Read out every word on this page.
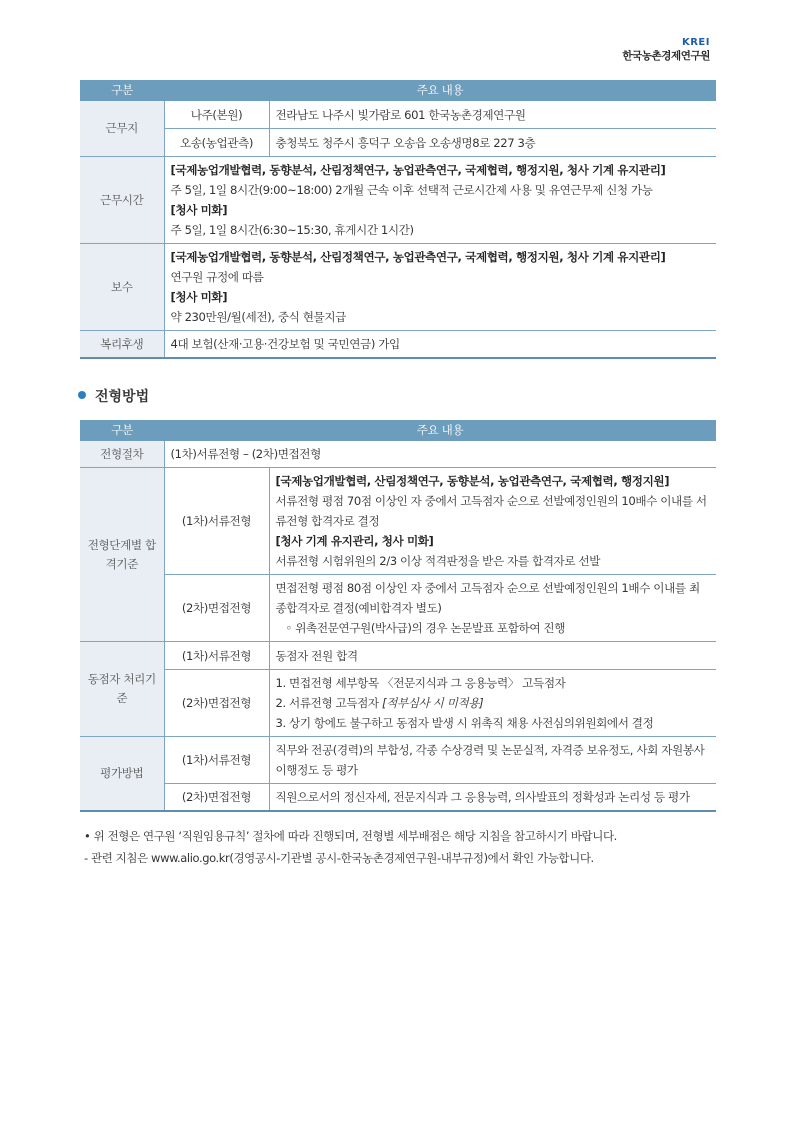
KREI
한국농촌경제연구원
구분	주요 내용	
근무지	나주(본원)	전라남도 나주시 빛가람로 601 한국농촌경제연구원
	오송(농업관측)	충청북도 청주시 흥덕구 오송읍 오송생명8로 227 3층
근무시간	[국제농업개발협력, 동향분석, 산림정책연구, 농업관측연구, 국제협력, 행정지원, 청사 기계 유지관리]
주 5일, 1일 8시간(9:00~18:00) 2개월 근속 이후 선택적 근로시간제 사용 및 유연근무제 신청 가능
[청사 미화]
주 5일, 1일 8시간(6:30~15:30, 휴게시간 1시간)	

보수	[국제농업개발협력, 동향분석, 산림정책연구, 농업관측연구, 국제협력, 행정지원, 청사 기계 유지관리]
연구원 규정에 따름
[청사 미화]
약 230만원/월(세전), 중식 현물지급	

복리후생	4대 보험(산재·고용·건강보험 및 국민연금) 가입	
전형방법
구분	주요 내용	
전형절차	(1차)서류전형 – (2차)면접전형	
전형단계별 합격기준	(1차)서류전형	[국제농업개발협력, 산림정책연구, 동향분석, 농업관측연구, 국제협력, 행정지원]
서류전형 평점 70점 이상인 자 중에서 고득점자 순으로 선발예정인원의 10배수 이내를 서류전형 합격자로 결정
[청사 기계 유지관리, 청사 미화]
서류전형 시험위원의 2/3 이상 적격판정을 받은 자를 합격자로 선발

	(2차)면접전형	면접전형 평점 80점 이상인 자 중에서 고득점자 순으로 선발예정인원의 1배수 이내를 최종합격자로 결정(예비합격자 별도)
◦ 위촉전문연구원(박사급)의 경우 논문발표 포함하여 진행

동점자 처리기준	(1차)서류전형	동점자 전원 합격
	(2차)면접전형	1. 면접전형 세부항목 〈전문지식과 그 응용능력〉 고득점자
2. 서류전형 고득점자 [적부심사 시 미적용]
3. 상기 항에도 불구하고 동점자 발생 시 위촉직 채용 사전심의위원회에서 결정

평가방법	(1차)서류전형	직무와 전공(경력)의 부합성, 각종 수상경력 및 논문실적, 자격증 보유정도, 사회 자원봉사 이행정도 등 평가
	(2차)면접전형	직원으로서의 정신자세, 전문지식과 그 응용능력, 의사발표의 정확성과 논리성 등 평가
• 위 전형은 연구원 ‘직원임용규칙’ 절차에 따라 진행되며, 전형별 세부배점은 해당 지침을 참고하시기 바랍니다.
- 관련 지침은 www.alio.go.kr(경영공시-기관별 공시-한국농촌경제연구원-내부규정)에서 확인 가능합니다.
